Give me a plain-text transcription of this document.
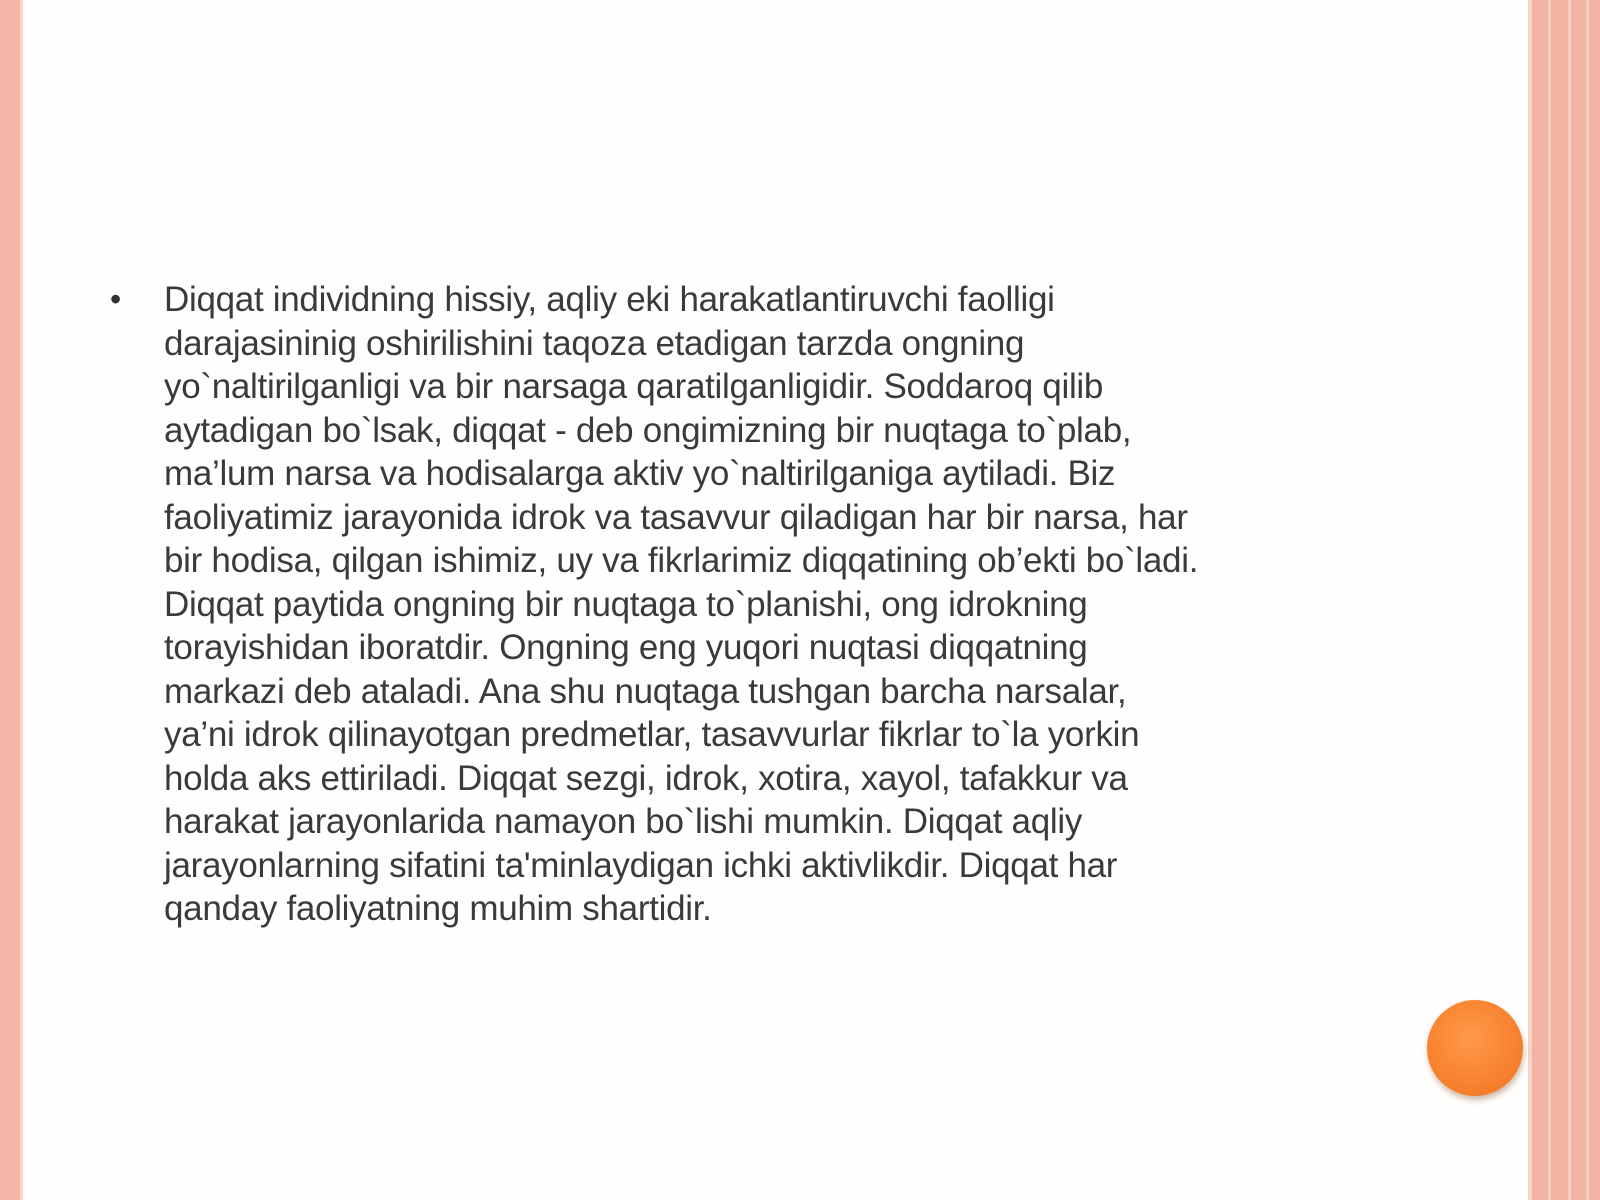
•	Diqqat individning hissiy, aqliy eki harakatlantiruvchi faolligi
darajasininig oshirilishini taqoza etadigan tarzda ongning
yo`naltirilganligi va bir narsaga qaratilganligidir. Soddaroq qilib
aytadigan bo`lsak, diqqat - deb ongimizning bir nuqtaga to`plab,
ma’lum narsa va hodisalarga aktiv yo`naltirilganiga aytiladi. Biz
faoliyatimiz jarayonida idrok va tasavvur qiladigan har bir narsa, har
bir hodisa, qilgan ishimiz, uy va fikrlarimiz diqqatining ob’ekti bo`ladi.
Diqqat paytida ongning bir nuqtaga to`planishi, ong idrokning
torayishidan iboratdir. Ongning eng yuqori nuqtasi diqqatning
markazi deb ataladi. Ana shu nuqtaga tushgan barcha narsalar,
ya’ni idrok qilinayotgan predmetlar, tasavvurlar fikrlar to`la yorkin
holda aks ettiriladi. Diqqat sezgi, idrok, xotira, xayol, tafakkur va
harakat jarayonlarida namayon bo`lishi mumkin. Diqqat aqliy
jarayonlarning sifatini ta'minlaydigan ichki aktivlikdir. Diqqat har
qanday faoliyatning muhim shartidir.
